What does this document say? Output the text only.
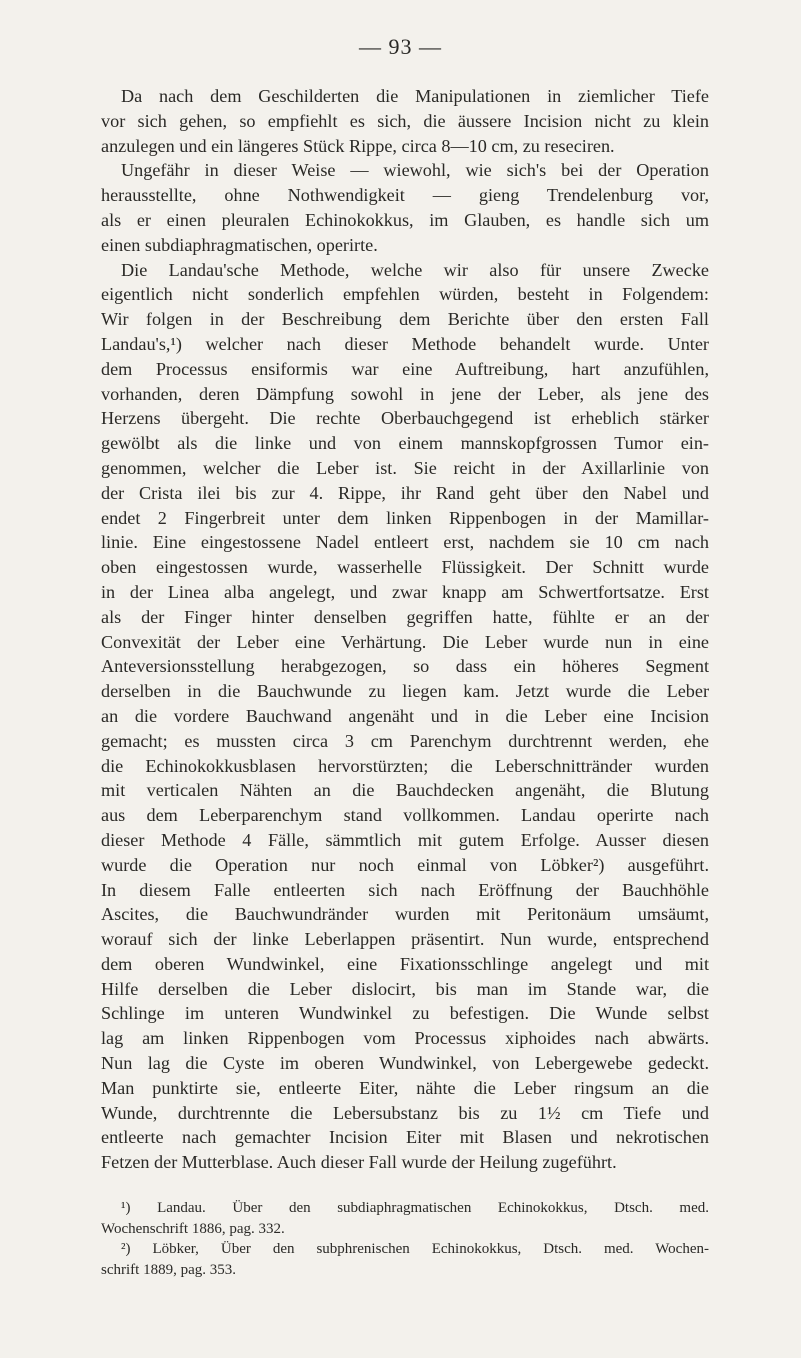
— 93 —
Da nach dem Geschilderten die Manipulationen in ziemlicher Tiefe
vor sich gehen, so empfiehlt es sich, die äussere Incision nicht zu klein
anzulegen und ein längeres Stück Rippe, circa 8—10 cm, zu reseciren.
Ungefähr in dieser Weise — wiewohl, wie sich's bei der Operation
herausstellte, ohne Nothwendigkeit — gieng Trendelenburg vor,
als er einen pleuralen Echinokokkus, im Glauben, es handle sich um
einen subdiaphragmatischen, operirte.
Die Landau'sche Methode, welche wir also für unsere Zwecke
eigentlich nicht sonderlich empfehlen würden, besteht in Folgendem:
Wir folgen in der Beschreibung dem Berichte über den ersten Fall
Landau's,¹) welcher nach dieser Methode behandelt wurde. Unter
dem Processus ensiformis war eine Auftreibung, hart anzufühlen,
vorhanden, deren Dämpfung sowohl in jene der Leber, als jene des
Herzens übergeht. Die rechte Oberbauchgegend ist erheblich stärker
gewölbt als die linke und von einem mannskopfgrossen Tumor ein-
genommen, welcher die Leber ist. Sie reicht in der Axillarlinie von
der Crista ilei bis zur 4. Rippe, ihr Rand geht über den Nabel und
endet 2 Fingerbreit unter dem linken Rippenbogen in der Mamillar-
linie. Eine eingestossene Nadel entleert erst, nachdem sie 10 cm nach
oben eingestossen wurde, wasserhelle Flüssigkeit. Der Schnitt wurde
in der Linea alba angelegt, und zwar knapp am Schwertfortsatze. Erst
als der Finger hinter denselben gegriffen hatte, fühlte er an der
Convexität der Leber eine Verhärtung. Die Leber wurde nun in eine
Anteversionsstellung herabgezogen, so dass ein höheres Segment
derselben in die Bauchwunde zu liegen kam. Jetzt wurde die Leber
an die vordere Bauchwand angenäht und in die Leber eine Incision
gemacht; es mussten circa 3 cm Parenchym durchtrennt werden, ehe
die Echinokokkusblasen hervorstürzten; die Leberschnittränder wurden
mit verticalen Nähten an die Bauchdecken angenäht, die Blutung
aus dem Leberparenchym stand vollkommen. Landau operirte nach
dieser Methode 4 Fälle, sämmtlich mit gutem Erfolge. Ausser diesen
wurde die Operation nur noch einmal von Löbker²) ausgeführt.
In diesem Falle entleerten sich nach Eröffnung der Bauchhöhle
Ascites, die Bauchwundränder wurden mit Peritonäum umsäumt,
worauf sich der linke Leberlappen präsentirt. Nun wurde, entsprechend
dem oberen Wundwinkel, eine Fixationsschlinge angelegt und mit
Hilfe derselben die Leber dislocirt, bis man im Stande war, die
Schlinge im unteren Wundwinkel zu befestigen. Die Wunde selbst
lag am linken Rippenbogen vom Processus xiphoides nach abwärts.
Nun lag die Cyste im oberen Wundwinkel, von Lebergewebe gedeckt.
Man punktirte sie, entleerte Eiter, nähte die Leber ringsum an die
Wunde, durchtrennte die Lebersubstanz bis zu 1½ cm Tiefe und
entleerte nach gemachter Incision Eiter mit Blasen und nekrotischen
Fetzen der Mutterblase. Auch dieser Fall wurde der Heilung zugeführt.
¹) Landau. Über den subdiaphragmatischen Echinokokkus, Dtsch. med.
Wochenschrift 1886, pag. 332.
²) Löbker, Über den subphrenischen Echinokokkus, Dtsch. med. Wochen-
schrift 1889, pag. 353.
